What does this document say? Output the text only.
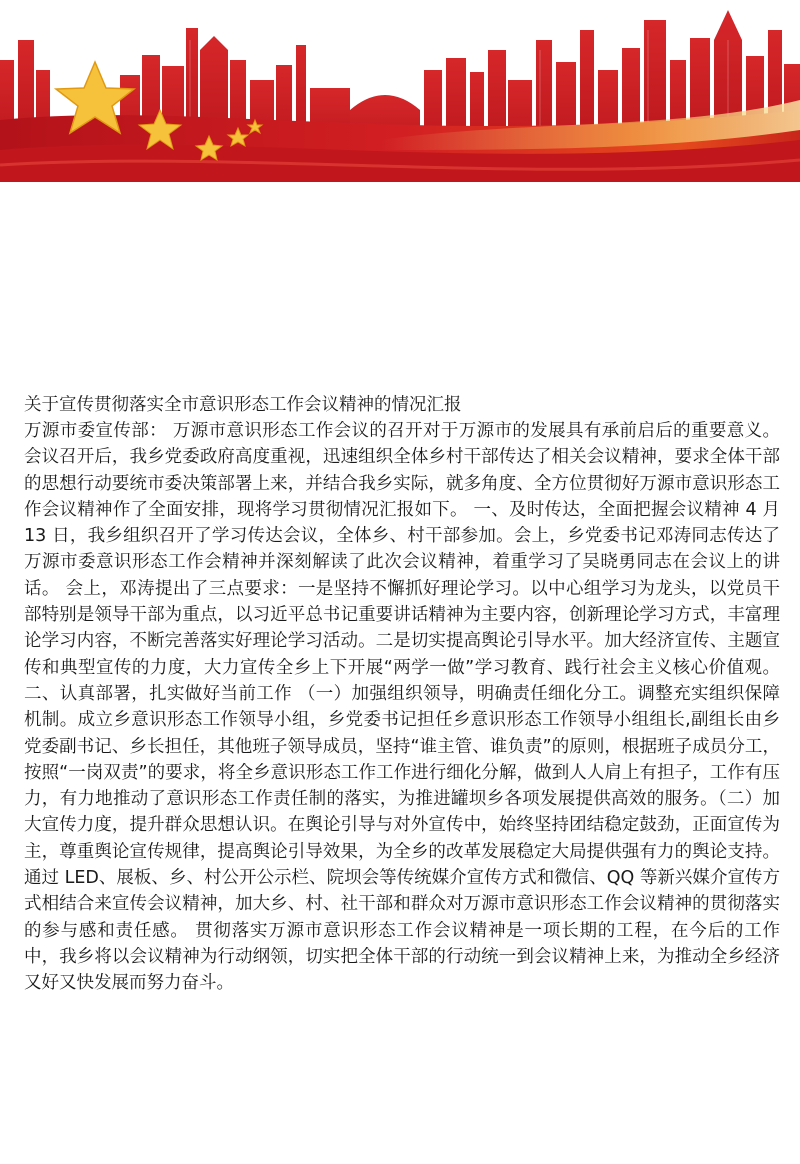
关于宣传贯彻落实全市意识形态工作会议精神的情况汇报

万源市委宣传部： 万源市意识形态工作会议的召开对于万源市的发展具有承前启后的重要意义。会议召开后，我乡党委政府高度重视，迅速组织全体乡村干部传达了相关会议精神，要求全体干部的思想行动要统市委决策部署上来，并结合我乡实际，就多角度、全方位贯彻好万源市意识形态工作会议精神作了全面安排，现将学习贯彻情况汇报如下。 一、及时传达，全面把握会议精神 4 月 13 日，我乡组织召开了学习传达会议，全体乡、村干部参加。会上，乡党委书记邓涛同志传达了万源市委意识形态工作会精神并深刻解读了此次会议精神，着重学习了吴晓勇同志在会议上的讲话。 会上，邓涛提出了三点要求：一是坚持不懈抓好理论学习。以中心组学习为龙头，以党员干部特别是领导干部为重点，以习近平总书记重要讲话精神为主要内容，创新理论学习方式，丰富理论学习内容，不断完善落实好理论学习活动。二是切实提高舆论引导水平。加大经济宣传、主题宣传和典型宣传的力度，大力宣传全乡上下开展“两学一做”学习教育、践行社会主义核心价值观。 二、认真部署，扎实做好当前工作 （一）加强组织领导，明确责任细化分工。调整充实组织保障机制。成立乡意识形态工作领导小组，乡党委书记担任乡意识形态工作领导小组组长,副组长由乡党委副书记、乡长担任，其他班子领导成员，坚持“谁主管、谁负责”的原则，根据班子成员分工，按照“一岗双责”的要求，将全乡意识形态工作工作进行细化分解，做到人人肩上有担子，工作有压力，有力地推动了意识形态工作责任制的落实，为推进罐坝乡各项发展提供高效的服务。（二）加大宣传力度，提升群众思想认识。在舆论引导与对外宣传中，始终坚持团结稳定鼓劲，正面宣传为主，尊重舆论宣传规律，提高舆论引导效果，为全乡的改革发展稳定大局提供强有力的舆论支持。通过 LED、展板、乡、村公开公示栏、院坝会等传统媒介宣传方式和微信、QQ 等新兴媒介宣传方式相结合来宣传会议精神，加大乡、村、社干部和群众对万源市意识形态工作会议精神的贯彻落实的参与感和责任感。 贯彻落实万源市意识形态工作会议精神是一项长期的工程，在今后的工作中，我乡将以会议精神为行动纲领，切实把全体干部的行动统一到会议精神上来，为推动全乡经济又好又快发展而努力奋斗。
